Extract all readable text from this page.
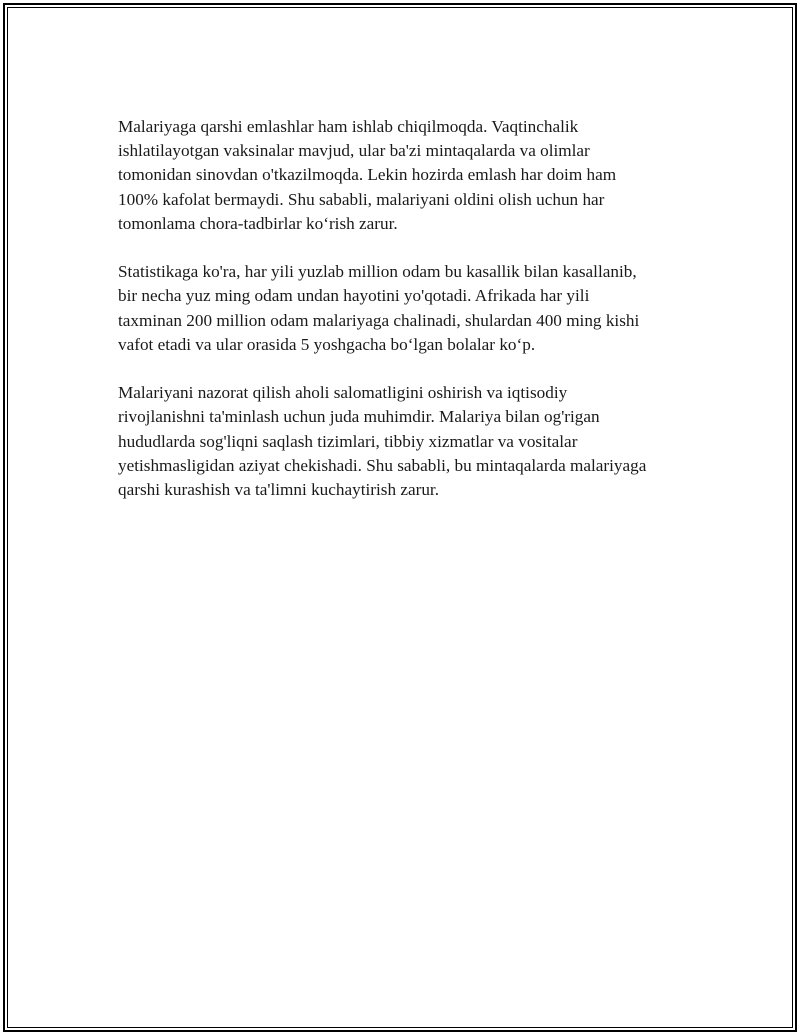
Malariyaga qarshi emlashlar ham ishlab chiqilmoqda. Vaqtinchalik
ishlatilayotgan vaksinalar mavjud, ular ba'zi mintaqalarda va olimlar
tomonidan sinovdan o'tkazilmoqda. Lekin hozirda emlash har doim ham
100% kafolat bermaydi. Shu sababli, malariyani oldini olish uchun har
tomonlama chora-tadbirlar ko‘rish zarur.

Statistikaga ko'ra, har yili yuzlab million odam bu kasallik bilan kasallanib,
bir necha yuz ming odam undan hayotini yo'qotadi. Afrikada har yili
taxminan 200 million odam malariyaga chalinadi, shulardan 400 ming kishi
vafot etadi va ular orasida 5 yoshgacha bo‘lgan bolalar ko‘p.

Malariyani nazorat qilish aholi salomatligini oshirish va iqtisodiy
rivojlanishni ta'minlash uchun juda muhimdir. Malariya bilan og'rigan
hududlarda sog'liqni saqlash tizimlari, tibbiy xizmatlar va vositalar
yetishmasligidan aziyat chekishadi. Shu sababli, bu mintaqalarda malariyaga
qarshi kurashish va ta'limni kuchaytirish zarur.
